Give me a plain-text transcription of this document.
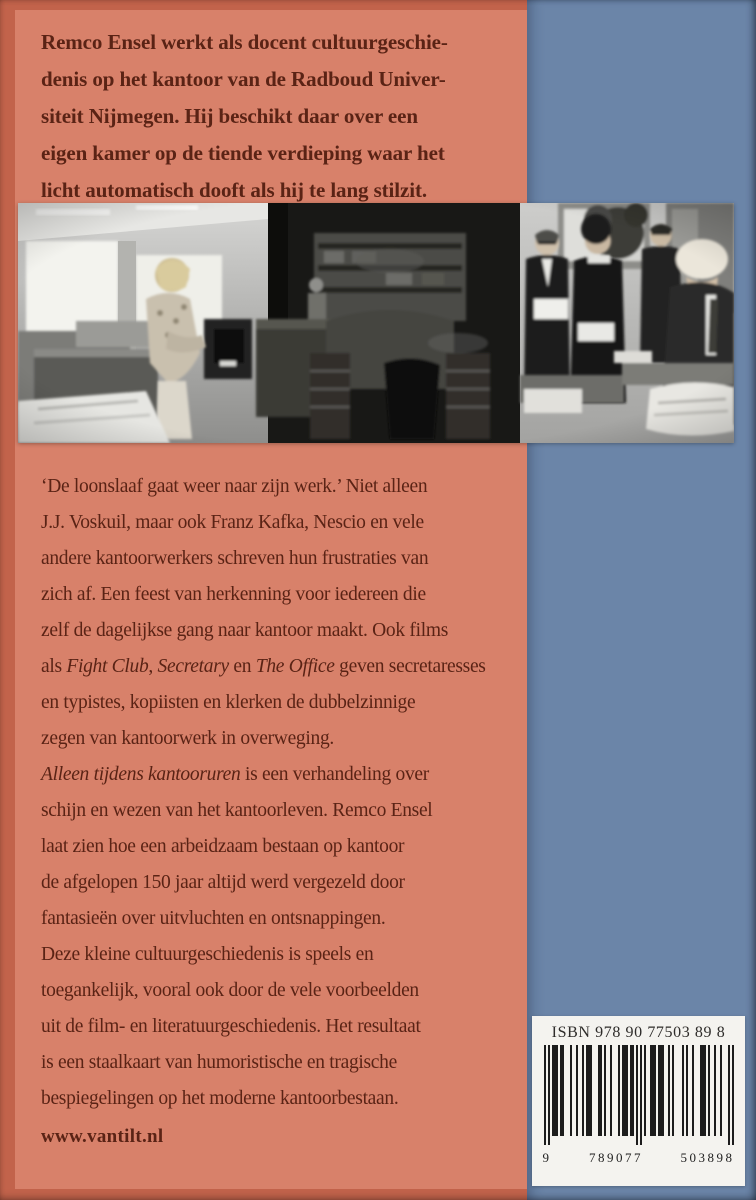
Remco Ensel werkt als docent cultuurgeschie-
denis op het kantoor van de Radboud Univer-
siteit Nijmegen. Hij beschikt daar over een
eigen kamer op de tiende verdieping waar het
licht automatisch dooft als hij te lang stilzit.
‘De loonslaaf gaat weer naar zijn werk.’ Niet alleen
J.J. Voskuil, maar ook Franz Kafka, Nescio en vele
andere kantoorwerkers schreven hun frustraties van
zich af. Een feest van herkenning voor iedereen die
zelf de dagelijkse gang naar kantoor maakt. Ook films
als Fight Club, Secretary en The Office geven secretaresses
en typistes, kopiisten en klerken de dubbelzinnige
zegen van kantoorwerk in overweging.
Alleen tijdens kantooruren is een verhandeling over
schijn en wezen van het kantoorleven. Remco Ensel
laat zien hoe een arbeidzaam bestaan op kantoor
de afgelopen 150 jaar altijd werd vergezeld door
fantasieën over uitvluchten en ontsnappingen.
Deze kleine cultuurgeschiedenis is speels en
toegankelijk, vooral ook door de vele voorbeelden
uit de film- en literatuurgeschiedenis. Het resultaat
is een staalkaart van humoristische en tragische
bespiegelingen op het moderne kantoorbestaan.
www.vantilt.nl
ISBN 978 90 77503 89 8
9	789077	503898
